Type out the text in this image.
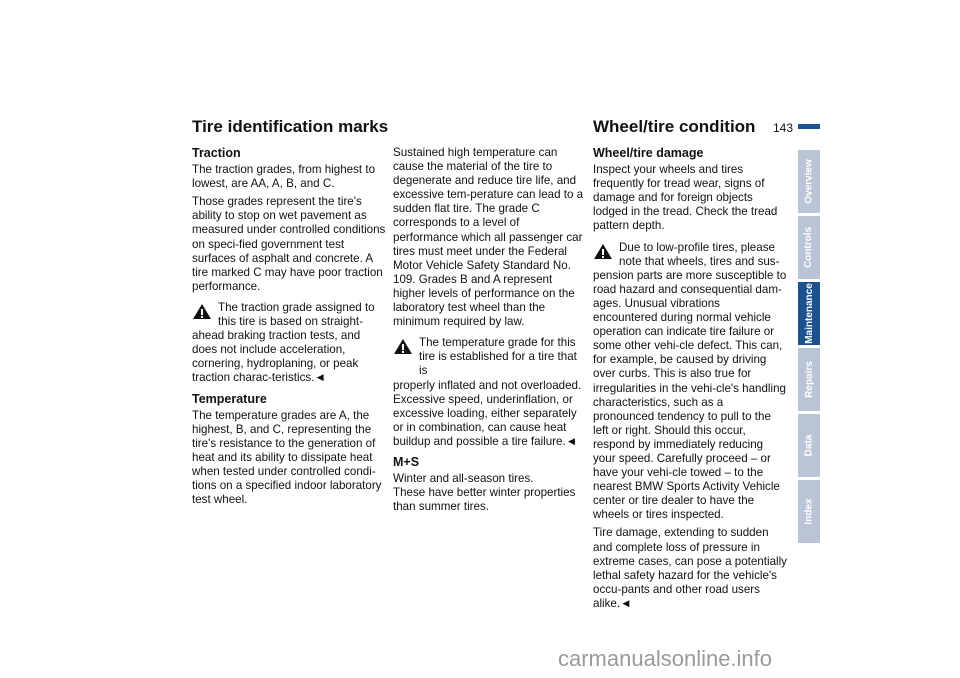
Tire identification marks	Wheel/tire condition 143
Traction

The traction grades, from highest to lowest, are AA, A, B, and C.

Those grades represent the tire's ability to stop on wet pavement as measured under controlled conditions on speci-fied government test surfaces of asphalt and concrete. A tire marked C may have poor traction performance.

The traction grade assigned to this tire is based on straight-
ahead braking traction tests, and does not include acceleration, cornering, hydroplaning, or peak traction charac-teristics.◄
Temperature

The temperature grades are A, the highest, B, and C, representing the tire's resistance to the generation of heat and its ability to dissipate heat when tested under controlled condi-tions on a specified indoor laboratory test wheel.

Sustained high temperature can cause the material of the tire to degenerate and reduce tire life, and excessive tem-perature can lead to a sudden flat tire. The grade C corresponds to a level of performance which all passenger car tires must meet under the Federal Motor Vehicle Safety Standard No. 109. Grades B and A represent higher levels of performance on the laboratory test wheel than the minimum required by law.

The temperature grade for this tire is established for a tire that is
properly inflated and not overloaded. Excessive speed, underinflation, or excessive loading, either separately or in combination, can cause heat buildup and possible a tire failure.◄
M+S

Winter and all-season tires.

These have better winter properties than summer tires.

Wheel/tire damage

Inspect your wheels and tires frequently for tread wear, signs of damage and for foreign objects lodged in the tread. Check the tread pattern depth.

Due to low-profile tires, please note that wheels, tires and sus-
pension parts are more susceptible to road hazard and consequential dam-ages. Unusual vibrations encountered during normal vehicle operation can indicate tire failure or some other vehi-cle defect. This can, for example, be caused by driving over curbs. This is also true for irregularities in the vehi-cle's handling characteristics, such as a pronounced tendency to pull to the left or right. Should this occur, respond by immediately reducing your speed. Carefully proceed – or have your vehi-cle towed – to the nearest BMW Sports Activity Vehicle center or tire dealer to have the wheels or tires inspected.

Tire damage, extending to sudden and complete loss of pressure in extreme cases, can pose a potentially lethal safety hazard for the vehicle's occu-pants and other road users alike.◄

Overview
Controls
Maintenance
Repairs
Data
Index
carmanualsonline.info
